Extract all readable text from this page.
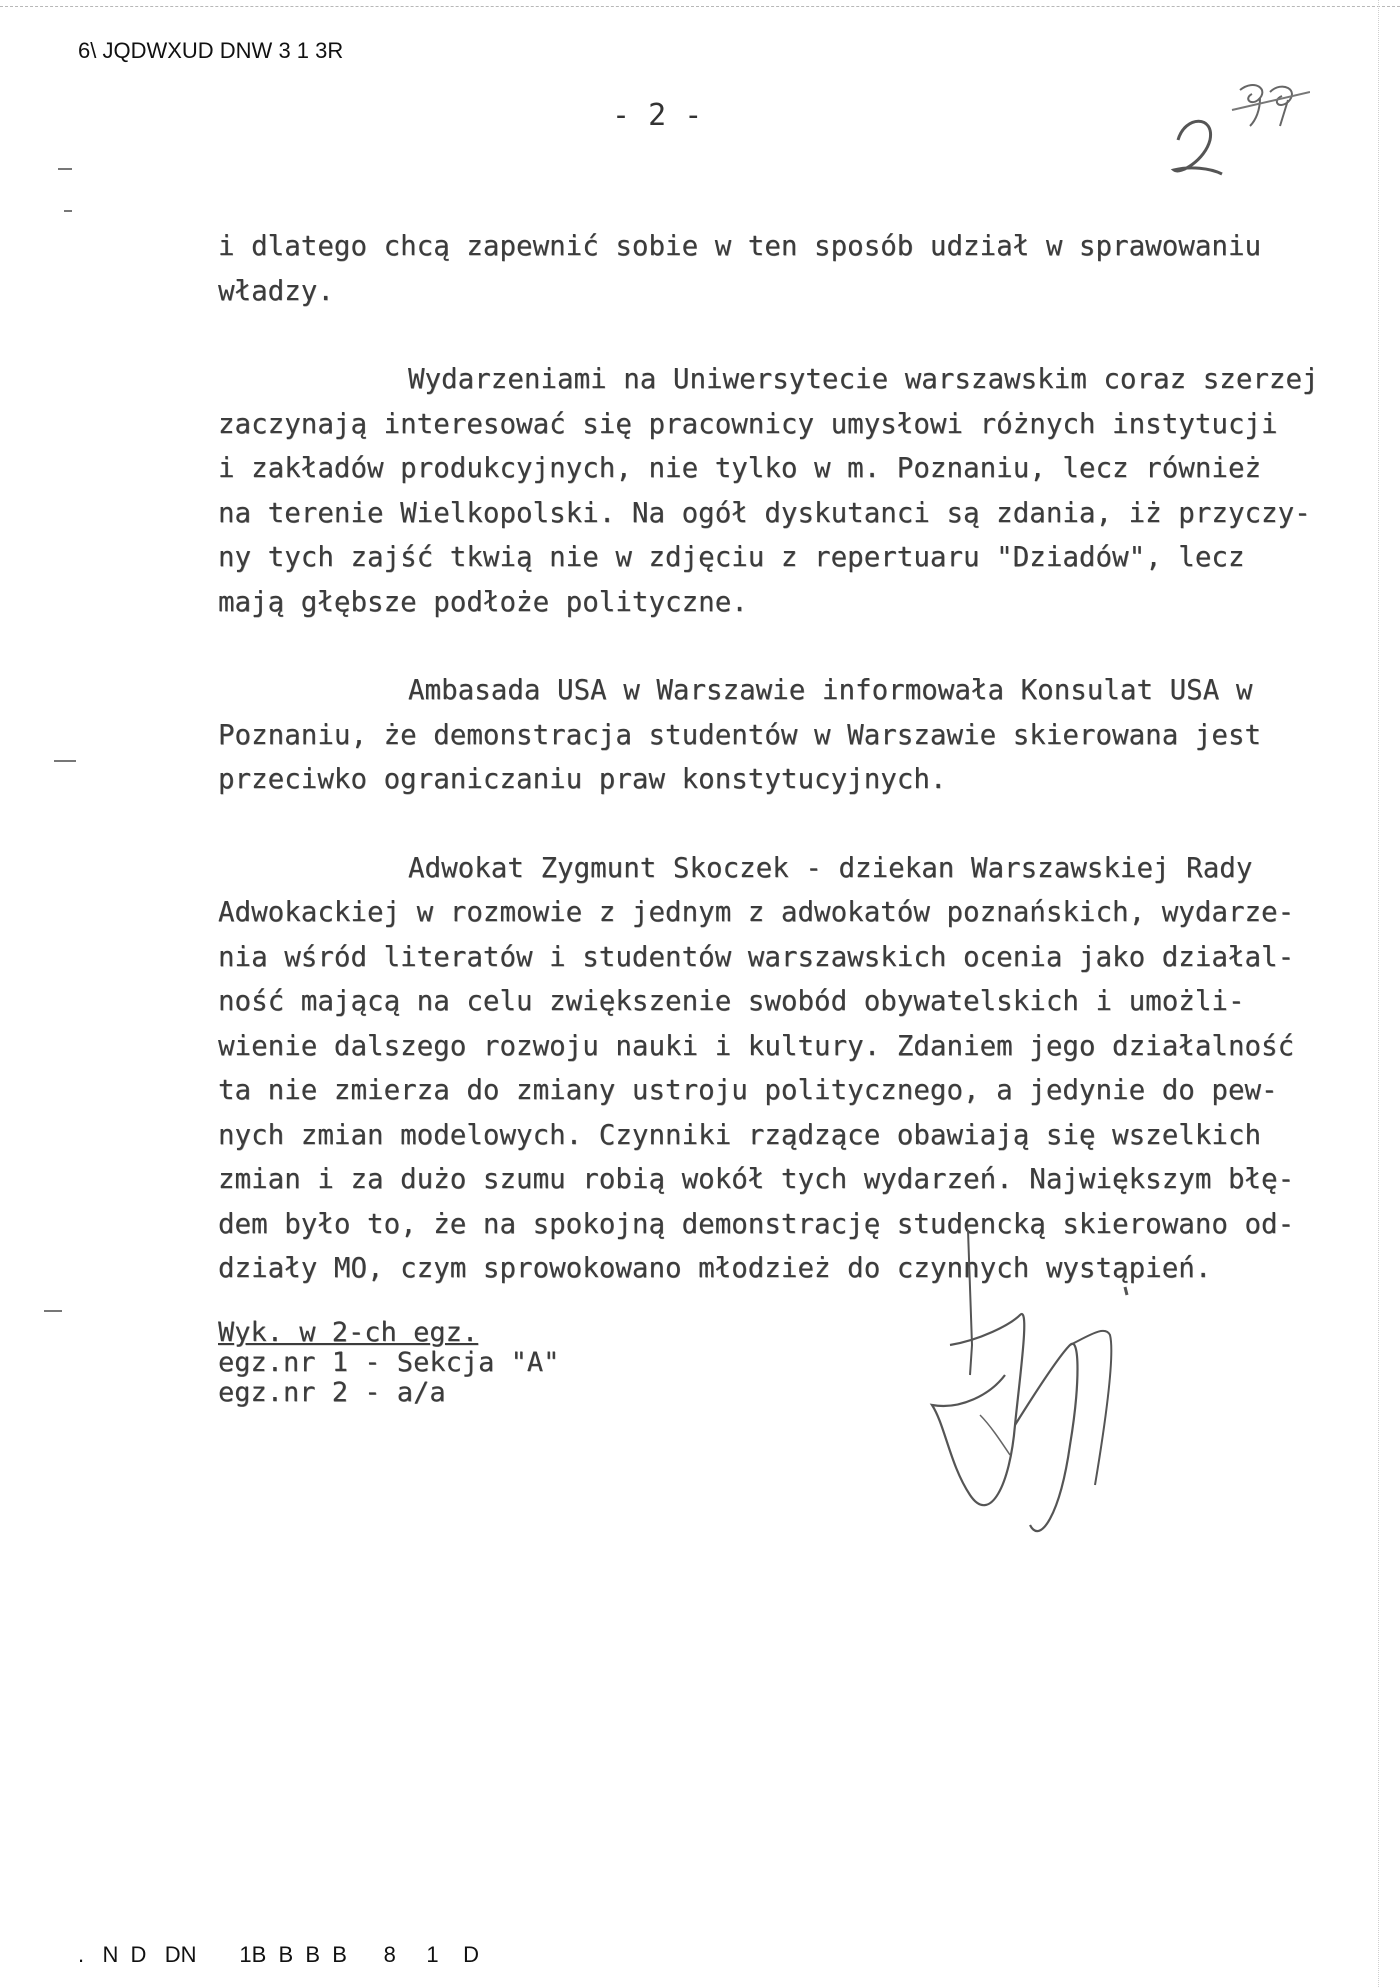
6\ JQDWXUD DNW 3 1 3R
- 2 -
2

i dlatego chcą zapewnić sobie w ten sposób udział w sprawowaniu
władzy.

Wydarzeniami na Uniwersytecie warszawskim coraz szerzej
zaczynają interesować się pracownicy umysłowi różnych instytucji
i zakładów produkcyjnych, nie tylko w m. Poznaniu, lecz również
na terenie Wielkopolski. Na ogół dyskutanci są zdania, iż przyczy-
ny tych zajść tkwią nie w zdjęciu z repertuaru "Dziadów", lecz
mają głębsze podłoże polityczne.

Ambasada USA w Warszawie informowała Konsulat USA w
Poznaniu, że demonstracja studentów w Warszawie skierowana jest
przeciwko ograniczaniu praw konstytucyjnych.

Adwokat Zygmunt Skoczek - dziekan Warszawskiej Rady
Adwokackiej w rozmowie z jednym z adwokatów poznańskich, wydarze-
nia wśród literatów i studentów warszawskich ocenia jako działal-
ność mającą na celu zwiększenie swobód obywatelskich i umożli-
wienie dalszego rozwoju nauki i kultury. Zdaniem jego działalność
ta nie zmierza do zmiany ustroju politycznego, a jedynie do pew-
nych zmian modelowych. Czynniki rządzące obawiają się wszelkich
zmian i za dużo szumu robią wokół tych wydarzeń. Największym błę-
dem było to, że na spokojną demonstrację studencką skierowano od-
działy MO, czym sprowokowano młodzież do czynnych wystąpień.

Wyk. w 2-ch egz.
egz.nr 1 - Sekcja "A"
egz.nr 2 - a/a
.   N  D   DN       1B  B  B  B      8     1    D
